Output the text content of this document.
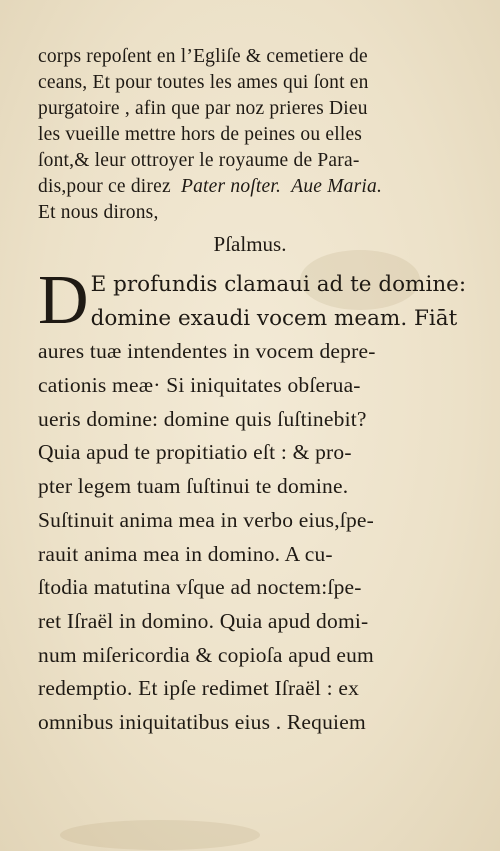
corps repoſent en l’Egliſe & cemetiere de
ceans, Et pour toutes les ames qui ſont en
purgatoire , afin que par noz prieres Dieu
les vueille mettre hors de peines ou elles
ſont,& leur ottroyer le royaume de Para-
dis,pour ce direz Pater noſter. Aue Maria.
Et nous dirons,
Pſalmus.
D E profundis clamaui ad te domine:
domine exaudi vocem meam. Fiāt
aures tuæ intendentes in vocem depre-
cationis meæ· Si iniquitates obſerua-
ueris domine: domine quis ſuſtinebit?
Quia apud te propitiatio eſt : & pro-
pter legem tuam ſuſtinui te domine.
Suſtinuit anima mea in verbo eius,ſpe-
rauit anima mea in domino. A cu-
ſtodia matutina vſque ad noctem:ſpe-
ret Iſraël in domino. Quia apud domi-
num miſericordia & copioſa apud eum
redemptio. Et ipſe redimet Iſraël : ex
omnibus iniquitatibus eius . Requiem
